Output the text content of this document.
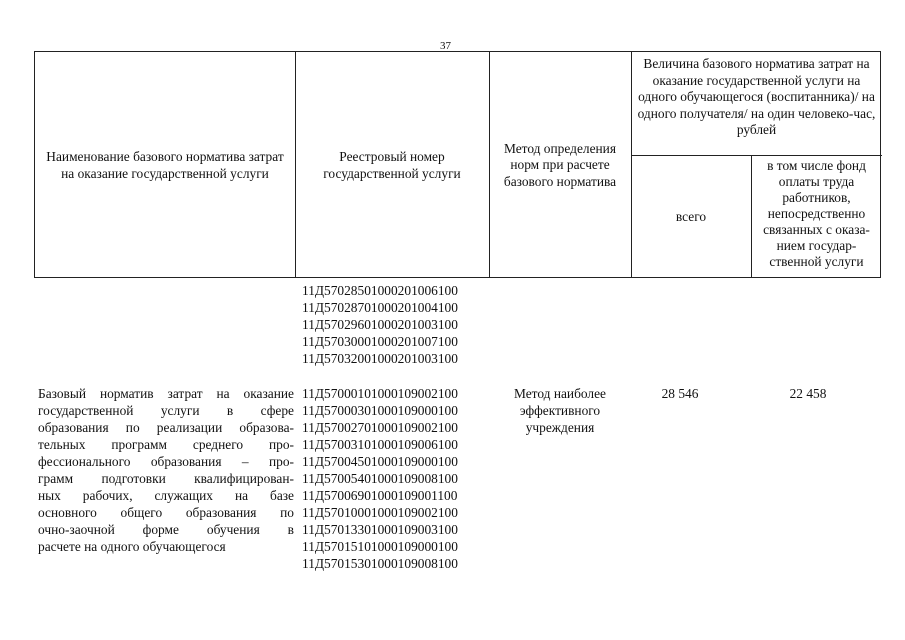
37
Наименование базового норматива затрат на оказание государственной услуги
Реестровый номер государственной услуги
Метод определения норм при расчете базового норматива
Величина базового норматива затрат на оказание государственной услуги на одного обучающегося (воспитанника)/ на одного получателя/ на один человеко-час, рублей
всего
в том числе фонд
оплаты труда
работников,
непосредственно
связанных с оказа-
нием государ-
ственной услуги
11Д57028501000201006100
11Д57028701000201004100
11Д57029601000201003100
11Д57030001000201007100
11Д57032001000201003100
Базовый норматив затрат на оказание
государственной услуги в сфере
образования по реализации образова-
тельных программ среднего про-
фессионального образования – про-
грамм подготовки квалифицирован-
ных рабочих, служащих на базе
основного общего образования по
очно-заочной форме обучения в
расчете на одного обучающегося
11Д57000101000109002100
11Д57000301000109000100
11Д57002701000109002100
11Д57003101000109006100
11Д57004501000109000100
11Д57005401000109008100
11Д57006901000109001100
11Д57010001000109002100
11Д57013301000109003100
11Д57015101000109000100
11Д57015301000109008100
Метод наиболее
эффективного
учреждения
28 546	22 458
